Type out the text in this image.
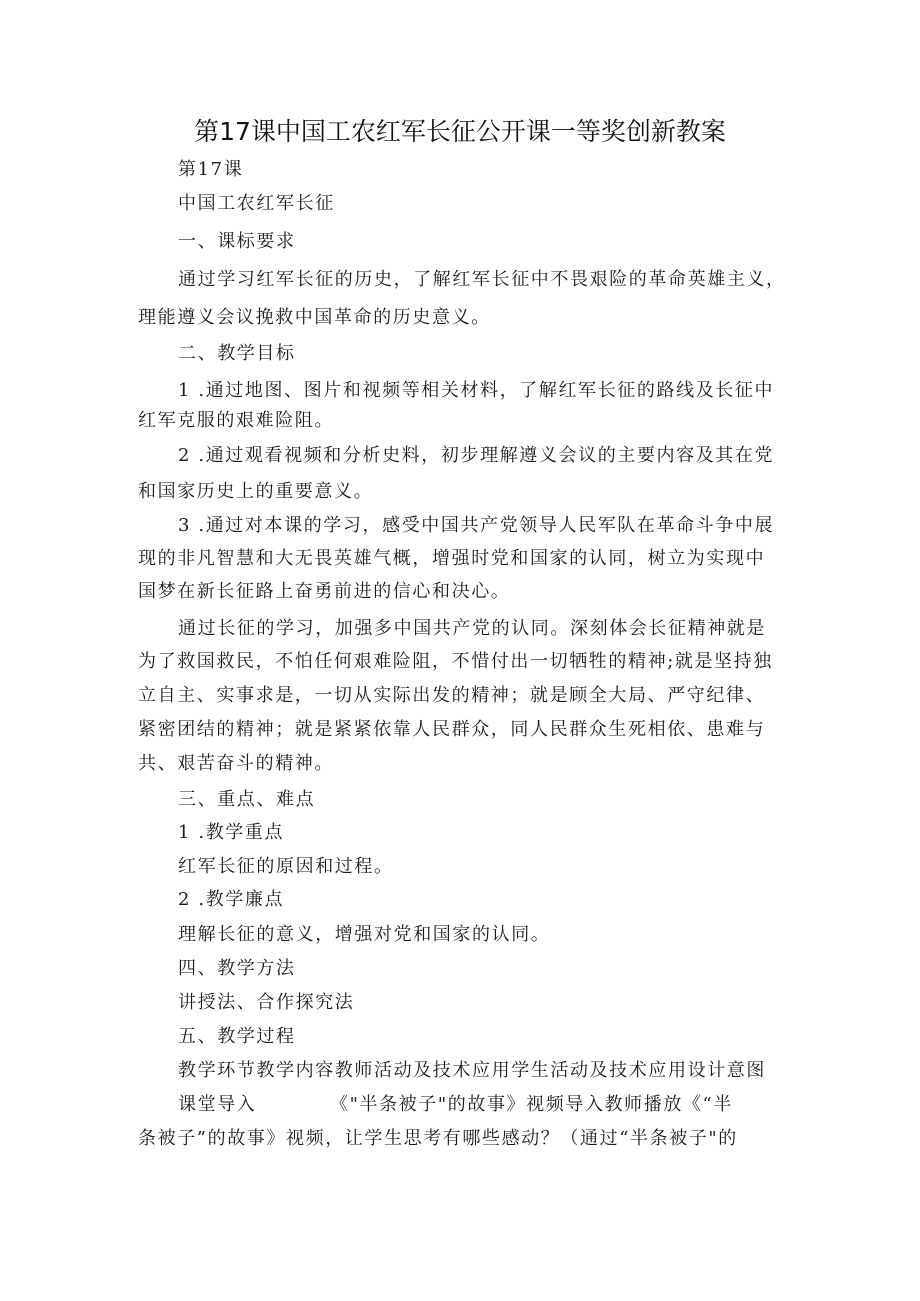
第17课中国工农红军长征公开课一等奖创新教案
第17课
中国工农红军长征
一、课标要求
通过学习红军长征的历史，了解红军长征中不畏艰险的革命英雄主义，
理能遵义会议挽救中国革命的历史意义。
二、教学目标
1 .通过地图、图片和视频等相关材料，了解红军长征的路线及长征中
红军克服的艰难险阻。
2 .通过观看视频和分析史料，初步理解遵义会议的主要内容及其在党
和国家历史上的重要意义。
3 .通过对本课的学习，感受中国共产党领导人民军队在革命斗争中展
现的非凡智慧和大无畏英雄气概，增强时党和国家的认同，树立为实现中
国梦在新长征路上奋勇前进的信心和决心。
通过长征的学习，加强多中国共产党的认同。深刻体会长征精神就是
为了救国救民，不怕任何艰难险阻，不惜付出一切牺牲的精神;就是坚持独
立自主、实事求是，一切从实际出发的精神；就是顾全大局、严守纪律、
紧密团结的精神；就是紧紧依靠人民群众，同人民群众生死相依、患难与
共、艰苦奋斗的精神。
三、重点、难点
1 .教学重点
红军长征的原因和过程。
2 .教学廉点
理解长征的意义，增强对党和国家的认同。
四、教学方法
讲授法、合作探究法
五、教学过程
教学环节教学内容教师活动及技术应用学生活动及技术应用设计意图
课堂导入	《"半条被子"的故事》视频导入教师播放《“半
条被子”的故事》视频，让学生思考有哪些感动？（通过“半条被子"的
